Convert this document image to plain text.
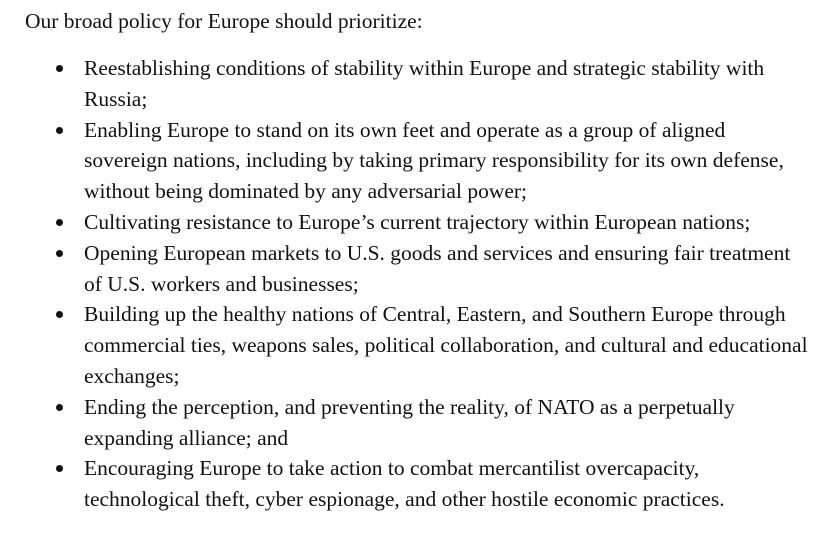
Our broad policy for Europe should prioritize:

Reestablishing conditions of stability within Europe and strategic stability with Russia;
Enabling Europe to stand on its own feet and operate as a group of aligned sovereign nations, including by taking primary responsibility for its own defense, without being dominated by any adversarial power;
Cultivating resistance to Europe’s current trajectory within European nations;
Opening European markets to U.S. goods and services and ensuring fair treatment of U.S. workers and businesses;
Building up the healthy nations of Central, Eastern, and Southern Europe through commercial ties, weapons sales, political collaboration, and cultural and educational exchanges;
Ending the perception, and preventing the reality, of NATO as a perpetually expanding alliance; and
Encouraging Europe to take action to combat mercantilist overcapacity, technological theft, cyber espionage, and other hostile economic practices.
